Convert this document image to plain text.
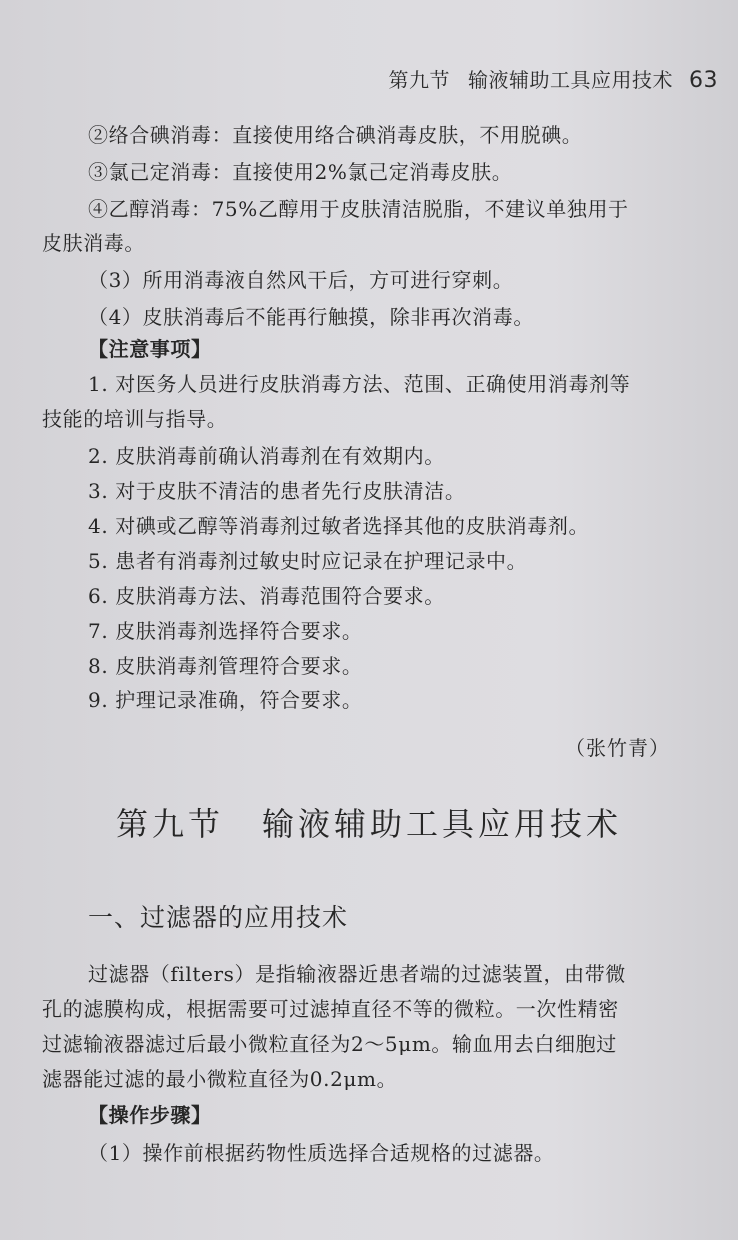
第九节 输液辅助工具应用技术 63
②络合碘消毒：直接使用络合碘消毒皮肤，不用脱碘。
③氯己定消毒：直接使用2%氯己定消毒皮肤。
④乙醇消毒：75%乙醇用于皮肤清洁脱脂，不建议单独用于
皮肤消毒。
（3）所用消毒液自然风干后，方可进行穿刺。
（4）皮肤消毒后不能再行触摸，除非再次消毒。
【注意事项】
1. 对医务人员进行皮肤消毒方法、范围、正确使用消毒剂等
技能的培训与指导。
2. 皮肤消毒前确认消毒剂在有效期内。
3. 对于皮肤不清洁的患者先行皮肤清洁。
4. 对碘或乙醇等消毒剂过敏者选择其他的皮肤消毒剂。
5. 患者有消毒剂过敏史时应记录在护理记录中。
6. 皮肤消毒方法、消毒范围符合要求。
7. 皮肤消毒剂选择符合要求。
8. 皮肤消毒剂管理符合要求。
9. 护理记录准确，符合要求。
（张竹青）
第九节 输液辅助工具应用技术
一、过滤器的应用技术
过滤器（filters）是指输液器近患者端的过滤装置，由带微
孔的滤膜构成，根据需要可过滤掉直径不等的微粒。一次性精密
过滤输液器滤过后最小微粒直径为2～5μm。输血用去白细胞过
滤器能过滤的最小微粒直径为0.2μm。
【操作步骤】
（1）操作前根据药物性质选择合适规格的过滤器。
